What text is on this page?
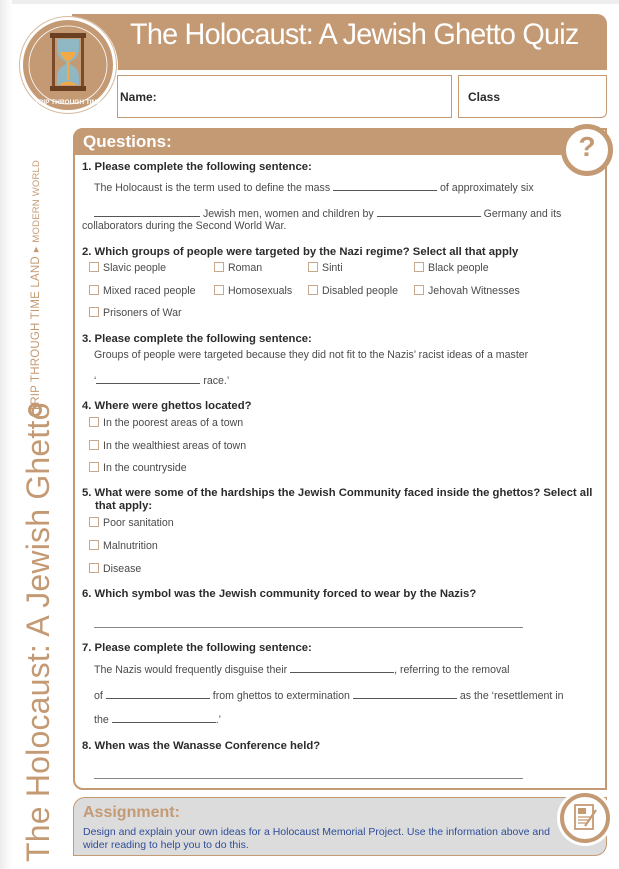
The Holocaust: A Jewish Ghetto Quiz
Name:	Class
TRIP THROUGH TIME
TRIP THROUGH TIME LAND
▶
MODERN WORLD
The Holocaust: A Jewish Ghetto
Questions:	?
1. Please complete the following sentence:
The Holocaust is the term used to define the mass	of approximately six
Jewish men, women and children by	Germany and its
collaborators during the Second World War.
2. Which groups of people were targeted by the Nazi regime? Select all that apply
Slavic people	Roman	Sinti	Black people
Mixed raced people	Homosexuals	Disabled people	Jehovah Witnesses
Prisoners of War
3. Please complete the following sentence:
Groups of people were targeted because they did not fit to the Nazis’ racist ideas of a master
‘	race.’
4. Where were ghettos located?
In the poorest areas of a town
In the wealthiest areas of town
In the countryside
5. What were some of the hardships the Jewish Community faced inside the ghettos? Select all
that apply:
Poor sanitation
Malnutrition
Disease
6. Which symbol was the Jewish community forced to wear by the Nazis?
7. Please complete the following sentence:
The Nazis would frequently disguise their	, referring to the removal
of	from ghettos to extermination	as the ‘resettlement in
the	.’
8. When was the Wanasse Conference held?
Assignment:
Design and explain your own ideas for a Holocaust Memorial Project. Use the information above and wider reading to help you to do this.
